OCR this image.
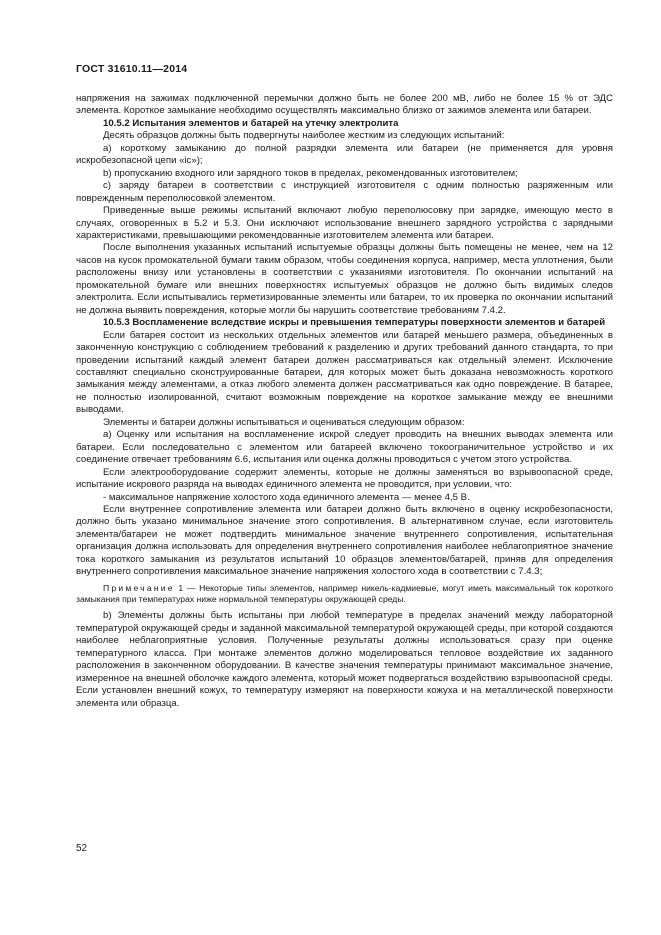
ГОСТ 31610.11—2014

напряжения на зажимах подключенной перемычки должно быть не более 200 мВ, либо не более 15 % от ЭДС элемента. Короткое замыкание необходимо осуществлять максимально близко от зажимов элемента или батареи.

10.5.2 Испытания элементов и батарей на утечку электролита

Десять образцов должны быть подвергнуты наиболее жестким из следующих испытаний:

а) короткому замыканию до полной разрядки элемента или батареи (не применяется для уровня искробезопасной цепи «ic»);

b) пропусканию входного или зарядного токов в пределах, рекомендованных изготовителем;

c) заряду батареи в соответствии с инструкцией изготовителя с одним полностью разряженным или поврежденным переполюсовкой элементом.

Приведенные выше режимы испытаний включают любую переполюсовку при зарядке, имеющую место в случаях, оговоренных в 5.2 и 5.3. Они исключают использование внешнего зарядного устройства с зарядными характеристиками, превышающими рекомендованные изготовителем элемента или батареи.

После выполнения указанных испытаний испытуемые образцы должны быть помещены не менее, чем на 12 часов на кусок промокательной бумаги таким образом, чтобы соединения корпуса, например, места уплотнения, были расположены внизу или установлены в соответствии с указаниями изготовителя. По окончании испытаний на промокательной бумаге или внешних поверхностях испытуемых образцов не должно быть видимых следов электролита. Если испытывались герметизированные элементы или батареи, то их проверка по окончании испытаний не должна выявить повреждения, которые могли бы нарушить соответствие требованиям 7.4.2.

10.5.3 Воспламенение вследствие искры и превышения температуры поверхности элементов и батарей

Если батарея состоит из нескольких отдельных элементов или батарей меньшего размера, объединенных в законченную конструкцию с соблюдением требований к разделению и других требований данного стандарта, то при проведении испытаний каждый элемент батареи должен рассматриваться как отдельный элемент. Исключение составляют специально сконструированные батареи, для которых может быть доказана невозможность короткого замыкания между элементами, а отказ любого элемента должен рассматриваться как одно повреждение. В батарее, не полностью изолированной, считают возможным повреждение на короткое замыкание между ее внешними выводами.

Элементы и батареи должны испытываться и оцениваться следующим образом:

а) Оценку или испытания на воспламенение искрой следует проводить на внешних выводах элемента или батареи. Если последовательно с элементом или батареей включено токоограничительное устройство и их соединение отвечает требованиям 6.6, испытания или оценка должны проводиться с учетом этого устройства.

Если электрооборудование содержит элементы, которые не должны заменяться во взрывоопасной среде, испытание искрового разряда на выводах единичного элемента не проводится, при условии, что:

- максимальное напряжение холостого хода единичного элемента — менее 4,5 В.

Если внутреннее сопротивление элемента или батареи должно быть включено в оценку искробезопасности, должно быть указано минимальное значение этого сопротивления. В альтернативном случае, если изготовитель элемента/батареи не может подтвердить минимальное значение внутреннего сопротивления, испытательная организация должна использовать для определения внутреннего сопротивления наиболее неблагоприятное значение тока короткого замыкания из результатов испытаний 10 образцов элементов/батарей, приняв для определения внутреннего сопротивления максимальное значение напряжения холостого хода в соответствии с 7.4.3;

Примечание 1 — Некоторые типы элементов, например никель-кадмиевые, могут иметь максимальный ток короткого замыкания при температурах ниже нормальной температуры окружающей среды.

b) Элементы должны быть испытаны при любой температуре в пределах значений между лабораторной температурой окружающей среды и заданной максимальной температурой окружающей среды, при которой создаются наиболее неблагоприятные условия. Полученные результаты должны использоваться сразу при оценке температурного класса. При монтаже элементов должно моделироваться тепловое воздействие их заданного расположения в законченном оборудовании. В качестве значения температуры принимают максимальное значение, измеренное на внешней оболочке каждого элемента, который может подвергаться воздействию взрывоопасной среды. Если установлен внешний кожух, то температуру измеряют на поверхности кожуха и на металлической поверхности элемента или образца.

52
